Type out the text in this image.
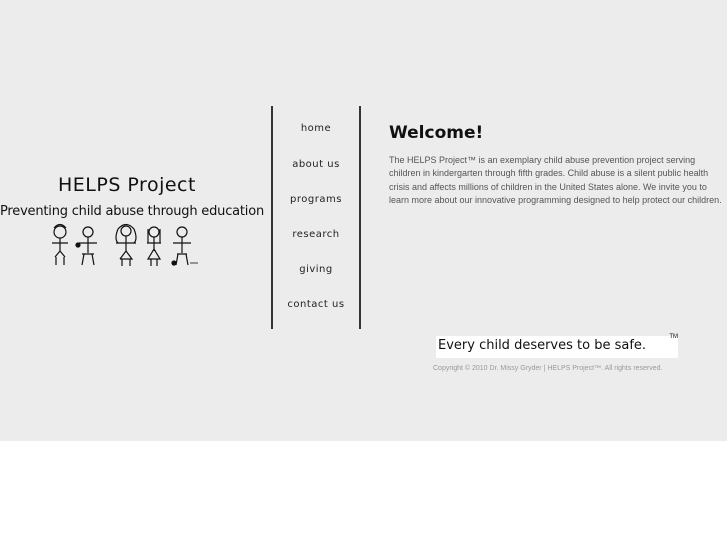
HELPS Project
Preventing child abuse through education
home
about us
programs
research
giving
contact us
Welcome!

The HELPS Project™ is an exemplary child abuse prevention project serving children in kindergarten through fifth grades. Child abuse is a silent public health crisis and affects millions of children in the United States alone. We invite you to learn more about our innovative programming designed to help protect our children.

Every child deserves to be safe.
TM
Copyright © 2010 Dr. Missy Gryder | HELPS Project™. All rights reserved.
